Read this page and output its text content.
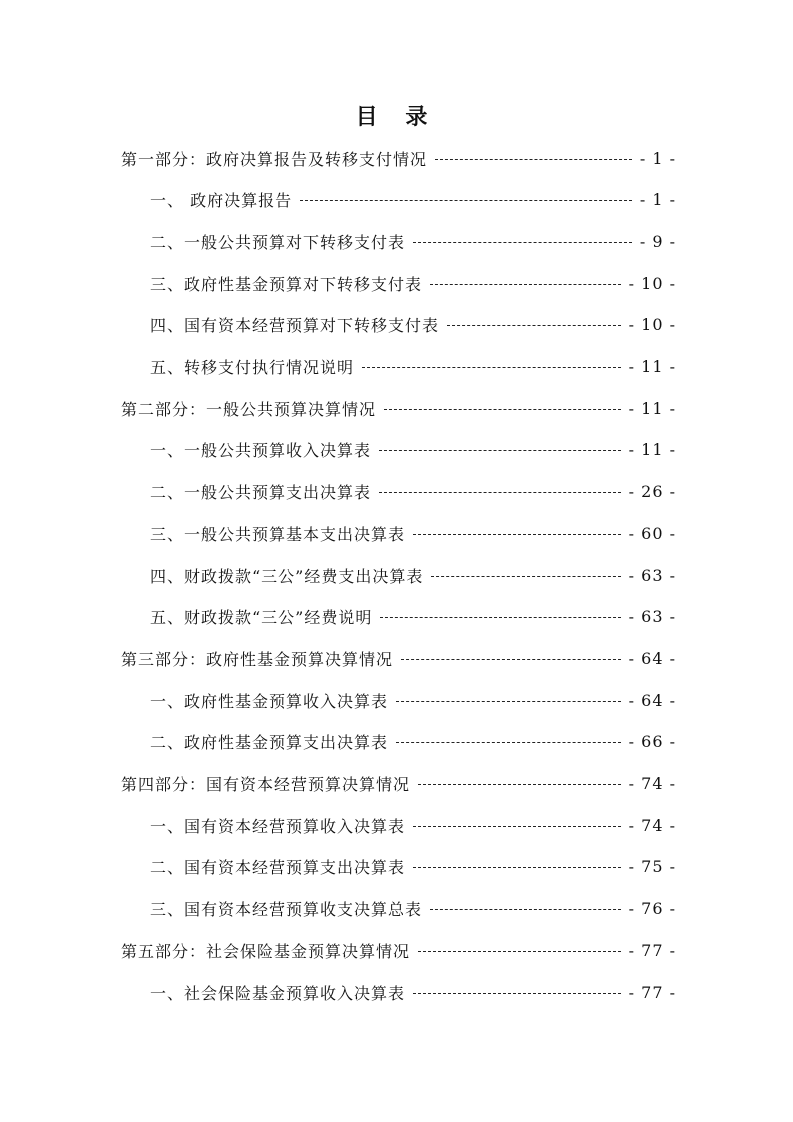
目 录
第一部分：政府决算报告及转移支付情况	- 1 -
一、 政府决算报告	- 1 -
二、一般公共预算对下转移支付表	- 9 -
三、政府性基金预算对下转移支付表	- 10 -
四、国有资本经营预算对下转移支付表	- 10 -
五、转移支付执行情况说明	- 11 -
第二部分：一般公共预算决算情况	- 11 -
一、一般公共预算收入决算表	- 11 -
二、一般公共预算支出决算表	- 26 -
三、一般公共预算基本支出决算表	- 60 -
四、财政拨款“三公”经费支出决算表	- 63 -
五、财政拨款“三公”经费说明	- 63 -
第三部分：政府性基金预算决算情况	- 64 -
一、政府性基金预算收入决算表	- 64 -
二、政府性基金预算支出决算表	- 66 -
第四部分：国有资本经营预算决算情况	- 74 -
一、国有资本经营预算收入决算表	- 74 -
二、国有资本经营预算支出决算表	- 75 -
三、国有资本经营预算收支决算总表	- 76 -
第五部分：社会保险基金预算决算情况	- 77 -
一、社会保险基金预算收入决算表	- 77 -
